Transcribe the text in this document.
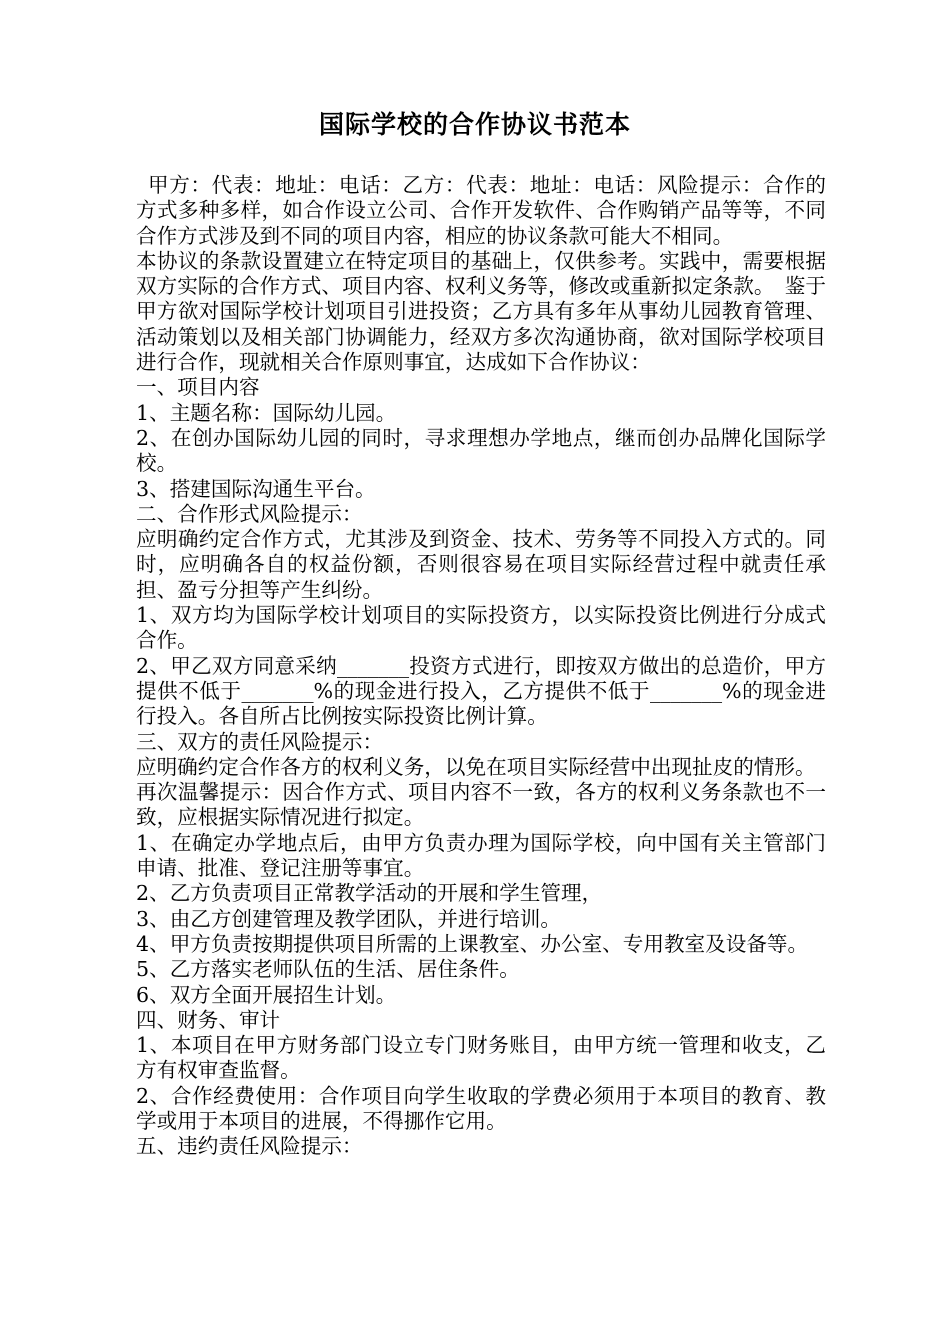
国际学校的合作协议书范本

甲方：代表：地址：电话：乙方：代表：地址：电话：风险提示：合作的方式多种多样，如合作设立公司、合作开发软件、合作购销产品等等，不同合作方式涉及到不同的项目内容，相应的协议条款可能大不相同。

本协议的条款设置建立在特定项目的基础上，仅供参考。实践中，需要根据双方实际的合作方式、项目内容、权利义务等，修改或重新拟定条款。　鉴于甲方欲对国际学校计划项目引进投资；乙方具有多年从事幼儿园教育管理、活动策划以及相关部门协调能力，经双方多次沟通协商，欲对国际学校项目进行合作，现就相关合作原则事宜，达成如下合作协议：

一、项目内容

1、主题名称：国际幼儿园。

2、在创办国际幼儿园的同时，寻求理想办学地点，继而创办品牌化国际学校。

3、搭建国际沟通生平台。

二、合作形式风险提示：

应明确约定合作方式，尤其涉及到资金、技术、劳务等不同投入方式的。同时，应明确各自的权益份额，否则很容易在项目实际经营过程中就责任承担、盈亏分担等产生纠纷。

1、双方均为国际学校计划项目的实际投资方，以实际投资比例进行分成式合作。

2、甲乙双方同意采纳_______投资方式进行，即按双方做出的总造价，甲方提供不低于_______%的现金进行投入，乙方提供不低于_______%的现金进行投入。各自所占比例按实际投资比例计算。

三、双方的责任风险提示：

应明确约定合作各方的权利义务，以免在项目实际经营中出现扯皮的情形。

再次温馨提示：因合作方式、项目内容不一致，各方的权利义务条款也不一致，应根据实际情况进行拟定。

1、在确定办学地点后，由甲方负责办理为国际学校，向中国有关主管部门申请、批准、登记注册等事宜。

2、乙方负责项目正常教学活动的开展和学生管理，

3、由乙方创建管理及教学团队，并进行培训。

4、甲方负责按期提供项目所需的上课教室、办公室、专用教室及设备等。

5、乙方落实老师队伍的生活、居住条件。

6、双方全面开展招生计划。

四、财务、审计

1、本项目在甲方财务部门设立专门财务账目，由甲方统一管理和收支，乙方有权审查监督。

2、合作经费使用：合作项目向学生收取的学费必须用于本项目的教育、教学或用于本项目的进展，不得挪作它用。

五、违约责任风险提示：
